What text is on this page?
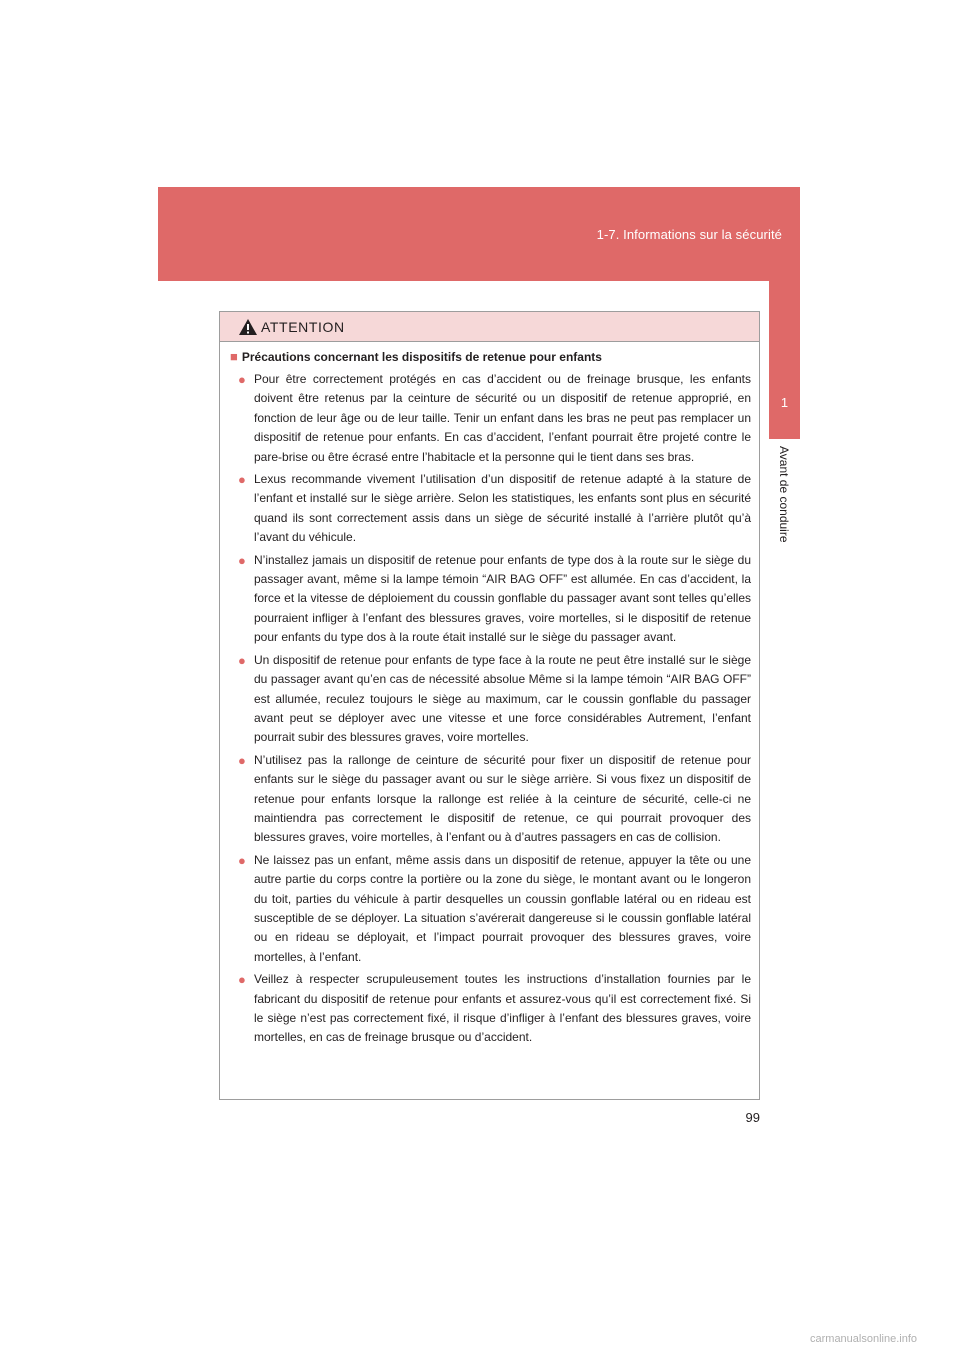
1-7. Informations sur la sécurité
1
Avant de conduire
ATTENTION

■ Précautions concernant les dispositifs de retenue pour enfants

● Pour être correctement protégés en cas d’accident ou de freinage brusque, les enfants doivent être retenus par la ceinture de sécurité ou un dispositif de retenue approprié, en fonction de leur âge ou de leur taille. Tenir un enfant dans les bras ne peut pas remplacer un dispositif de retenue pour enfants. En cas d’accident, l’enfant pourrait être projeté contre le pare-brise ou être écrasé entre l’habitacle et la personne qui le tient dans ses bras.

● Lexus recommande vivement l’utilisation d’un dispositif de retenue adapté à la stature de l’enfant et installé sur le siège arrière. Selon les statistiques, les enfants sont plus en sécurité quand ils sont correctement assis dans un siège de sécurité installé à l’arrière plutôt qu’à l’avant du véhicule.

● N’installez jamais un dispositif de retenue pour enfants de type dos à la route sur le siège du passager avant, même si la lampe témoin “AIR BAG OFF” est allumée. En cas d’accident, la force et la vitesse de déploiement du coussin gonflable du passager avant sont telles qu’elles pourraient infliger à l’enfant des blessures graves, voire mortelles, si le dispositif de retenue pour enfants du type dos à la route était installé sur le siège du passager avant.

● Un dispositif de retenue pour enfants de type face à la route ne peut être installé sur le siège du passager avant qu’en cas de nécessité absolue Même si la lampe témoin “AIR BAG OFF” est allumée, reculez toujours le siège au maximum, car le coussin gonflable du passager avant peut se déployer avec une vitesse et une force considérables Autrement, l’enfant pourrait subir des blessures graves, voire mortelles.

● N’utilisez pas la rallonge de ceinture de sécurité pour fixer un dispositif de retenue pour enfants sur le siège du passager avant ou sur le siège arrière. Si vous fixez un dispositif de retenue pour enfants lorsque la rallonge est reliée à la ceinture de sécurité, celle-ci ne maintiendra pas correctement le dispositif de retenue, ce qui pourrait provoquer des blessures graves, voire mortelles, à l’enfant ou à d’autres passagers en cas de collision.

● Ne laissez pas un enfant, même assis dans un dispositif de retenue, appuyer la tête ou une autre partie du corps contre la portière ou la zone du siège, le montant avant ou le longeron du toit, parties du véhicule à partir desquelles un coussin gonflable latéral ou en rideau est susceptible de se déployer. La situation s’avérerait dangereuse si le coussin gonflable latéral ou en rideau se déployait, et l’impact pourrait provoquer des blessures graves, voire mortelles, à l’enfant.

● Veillez à respecter scrupuleusement toutes les instructions d’installation fournies par le fabricant du dispositif de retenue pour enfants et assurez-vous qu’il est correctement fixé. Si le siège n’est pas correctement fixé, il risque d’infliger à l’enfant des blessures graves, voire mortelles, en cas de freinage brusque ou d’accident.

99
carmanualsonline.info
